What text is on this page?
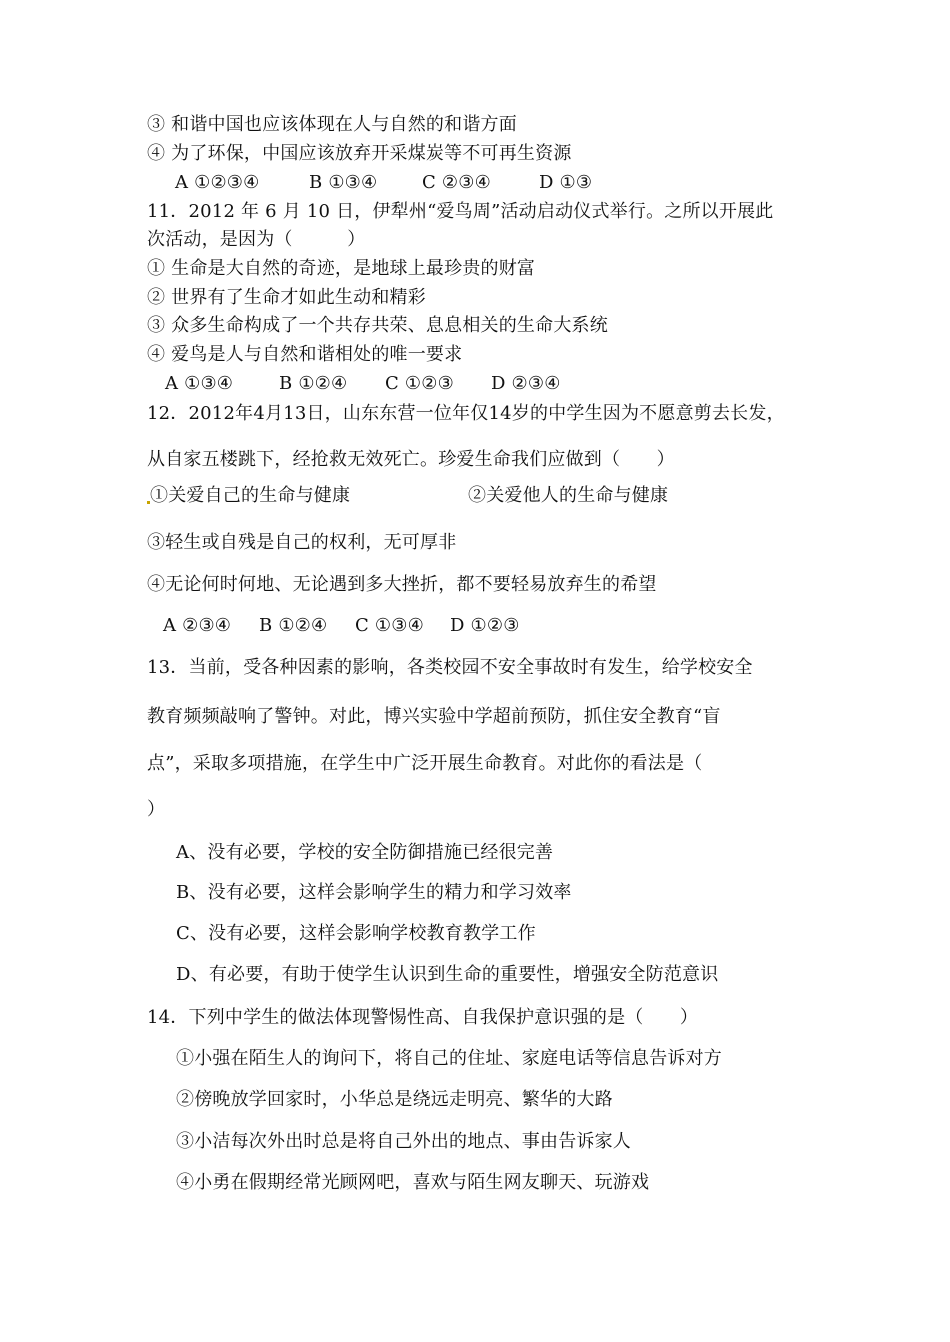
③ 和谐中国也应该体现在人与自然的和谐方面
④ 为了环保，中国应该放弃开采煤炭等不可再生资源
A ①②③④	B ①③④ C ②③④	D ①③
11．2012 年 6 月 10 日，伊犁州“爱鸟周”活动启动仪式举行。之所以开展此
次活动，是因为（　　　）
① 生命是大自然的奇迹，是地球上最珍贵的财富
② 世界有了生命才如此生动和精彩
③ 众多生命构成了一个共存共荣、息息相关的生命大系统
④ 爱鸟是人与自然和谐相处的唯一要求
A ①③④	B ①②④ C ①②③ D ②③④
12．2012年4月13日，山东东营一位年仅14岁的中学生因为不愿意剪去长发，
从自家五楼跳下，经抢救无效死亡。珍爱生命我们应做到（　　）
①关爱自己的生命与健康	②关爱他人的生命与健康
③轻生或自残是自己的权利，无可厚非
④无论何时何地、无论遇到多大挫折，都不要轻易放弃生的希望
A ②③④ B ①②④ C ①③④ D ①②③
13．当前，受各种因素的影响，各类校园不安全事故时有发生，给学校安全
教育频频敲响了警钟。对此，博兴实验中学超前预防，抓住安全教育“盲
点”，采取多项措施，在学生中广泛开展生命教育。对此你的看法是（
）
A、没有必要，学校的安全防御措施已经很完善
B、没有必要，这样会影响学生的精力和学习效率
C、没有必要，这样会影响学校教育教学工作
D、有必要，有助于使学生认识到生命的重要性，增强安全防范意识
14．下列中学生的做法体现警惕性高、自我保护意识强的是（　　）
①小强在陌生人的询问下，将自己的住址、家庭电话等信息告诉对方
②傍晚放学回家时，小华总是绕远走明亮、繁华的大路
③小洁每次外出时总是将自己外出的地点、事由告诉家人
④小勇在假期经常光顾网吧，喜欢与陌生网友聊天、玩游戏
